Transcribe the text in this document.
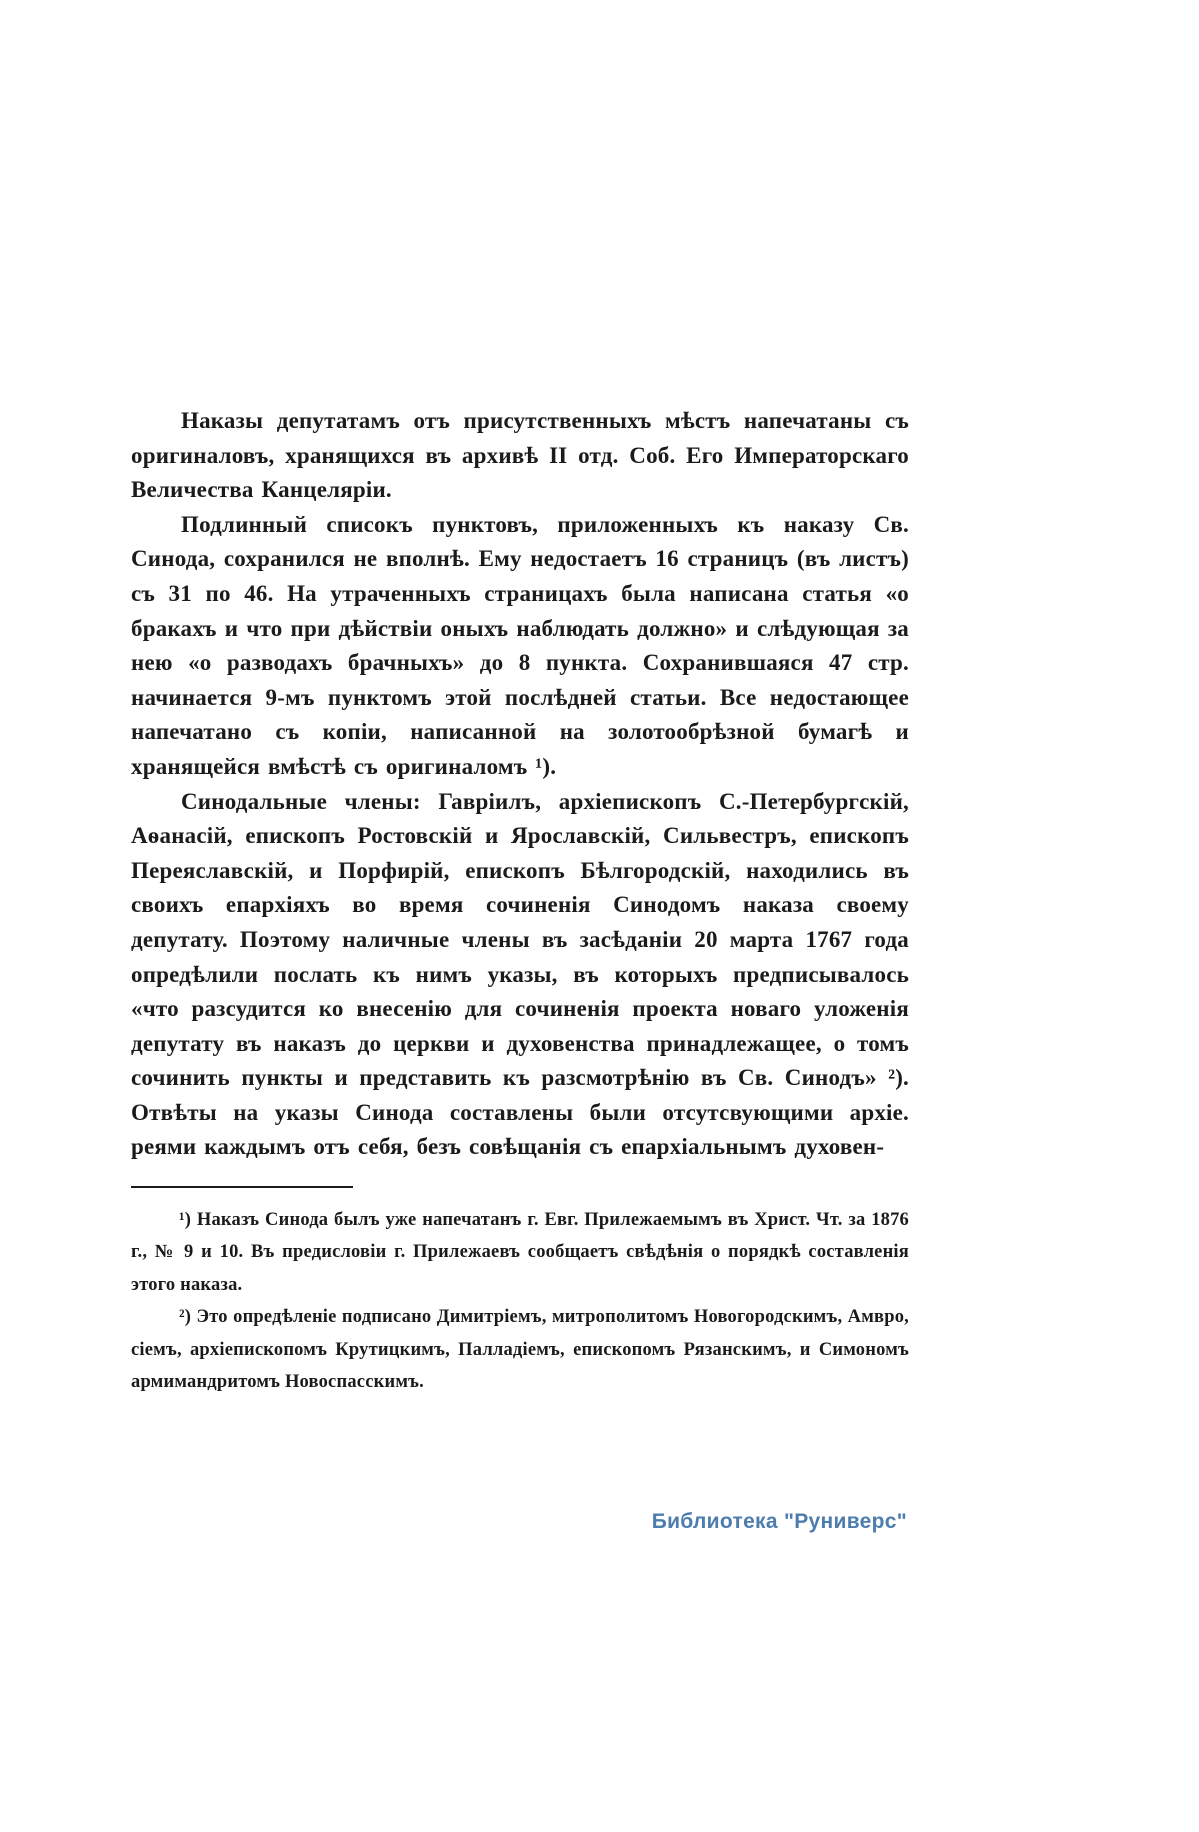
Наказы депутатамъ отъ присутственныхъ мѣстъ напечатаны съ оригиналовъ, хранящихся въ архивѣ II отд. Соб. Его Императорскаго Величества Канцеляріи.

Подлинный списокъ пунктовъ, приложенныхъ къ наказу Св. Синода, сохранился не вполнѣ. Ему недостаетъ 16 страницъ (въ листъ) съ 31 по 46. На утраченныхъ страницахъ была написана статья «о бракахъ и что при дѣйствіи оныхъ наблюдать должно» и слѣдующая за нею «о разводахъ брачныхъ» до 8 пункта. Сохранившаяся 47 стр. начинается 9-мъ пунктомъ этой послѣдней статьи. Все недостающее напечатано съ копіи, написанной на золотообрѣзной бумагѣ и хранящейся вмѣстѣ съ оригиналомъ ¹).

Синодальные члены: Гавріилъ, архіепископъ С.-Петербургскій, Аѳанасій, епископъ Ростовскій и Ярославскій, Сильвестръ, епископъ Переяславскій, и Порфирій, епископъ Бѣлгородскій, находились въ своихъ епархіяхъ во время сочиненія Синодомъ наказа своему депутату. Поэтому наличные члены въ засѣданіи 20 марта 1767 года опредѣлили послать къ нимъ указы, въ которыхъ предписывалось «что разсудится ко внесенію для сочиненія проекта новаго уложенія депутату въ наказъ до церкви и духовенства принадлежащее, о томъ сочинить пункты и представить къ разсмотрѣнію въ Св. Синодъ» ²). Отвѣты на указы Синода составлены были отсутсвующими архіе. реями каждымъ отъ себя, безъ совѣщанія съ епархіальнымъ духовен-

¹) Наказъ Синода былъ уже напечатанъ г. Евг. Прилежаемымъ въ Христ. Чт. за 1876 г., № 9 и 10. Въ предисловіи г. Прилежаевъ сообщаетъ свѣдѣнія о порядкѣ составленія этого наказа.

²) Это опредѣленіе подписано Димитріемъ, митрополитомъ Новогородскимъ, Амвро, сіемъ, архіепископомъ Крутицкимъ, Палладіемъ, епископомъ Рязанскимъ, и Симономъ армимандритомъ Новоспасскимъ.

Библиотека "Руниверс"
